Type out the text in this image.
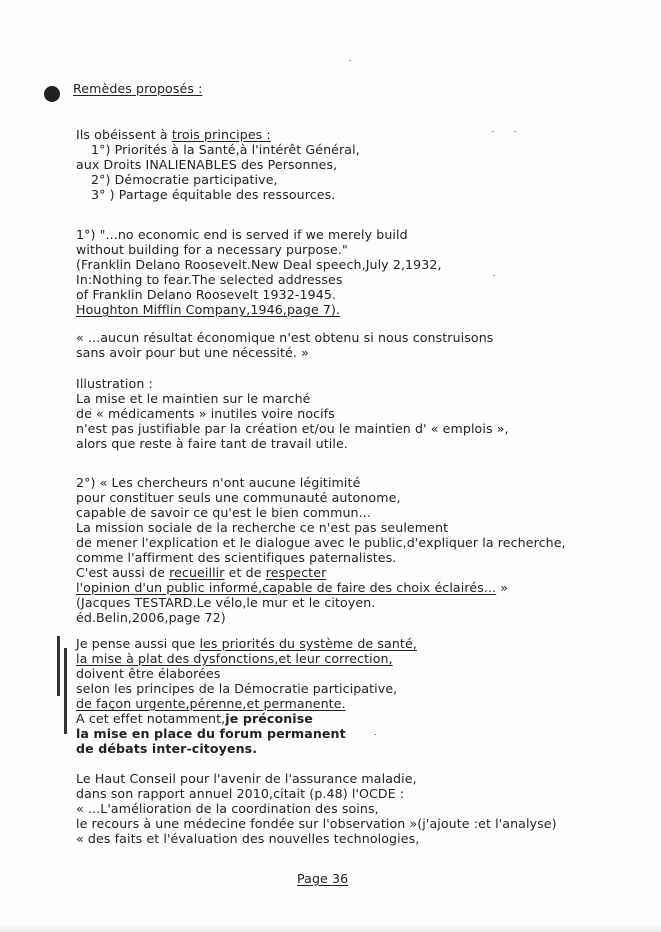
Remèdes proposés :
Ils obéissent à trois principes :
1°) Priorités à la Santé,à l'intérêt Général,
aux Droits INALIENABLES des Personnes,
2°) Démocratie participative,
3° ) Partage équitable des ressources.
1°) "...no economic end is served if we merely build
without building for a necessary purpose."
(Franklin Delano Roosevelt.New Deal speech,July 2,1932,
In:Nothing to fear.The selected addresses
of Franklin Delano Roosevelt 1932-1945.
Houghton Mifflin Company,1946,page 7).
« ...aucun résultat économique n'est obtenu si nous construisons
sans avoir pour but une nécessité. »
Illustration :
La mise et le maintien sur le marché
de « médicaments » inutiles voire nocifs
n'est pas justifiable par la création et/ou le maintien d' « emplois »,
alors que reste à faire tant de travail utile.
2°) « Les chercheurs n'ont aucune légitimité
pour constituer seuls une communauté autonome,
capable de savoir ce qu'est le bien commun...
La mission sociale de la recherche ce n'est pas seulement
de mener l'explication et le dialogue avec le public,d'expliquer la recherche,
comme l'affirment des scientifiques paternalistes.
C'est aussi de recueillir et de respecter
l'opinion d'un public informé,capable de faire des choix éclairés... »
(Jacques TESTARD.Le vélo,le mur et le citoyen.
éd.Belin,2006,page 72)
Je pense aussi que les priorités du système de santé,
la mise à plat des dysfonctions,et leur correction,
doivent être élaborées
selon les principes de la Démocratie participative,
de façon urgente,pérenne,et permanente.
A cet effet notamment,je préconise
la mise en place du forum permanent
de débats inter-citoyens.
Le Haut Conseil pour l'avenir de l'assurance maladie,
dans son rapport annuel 2010,citait (p.48) l'OCDE :
« ...L'amélioration de la coordination des soins,
le recours à une médecine fondée sur l'observation »(j'ajoute :et l'analyse)
« des faits et l'évaluation des nouvelles technologies,
Page 36
